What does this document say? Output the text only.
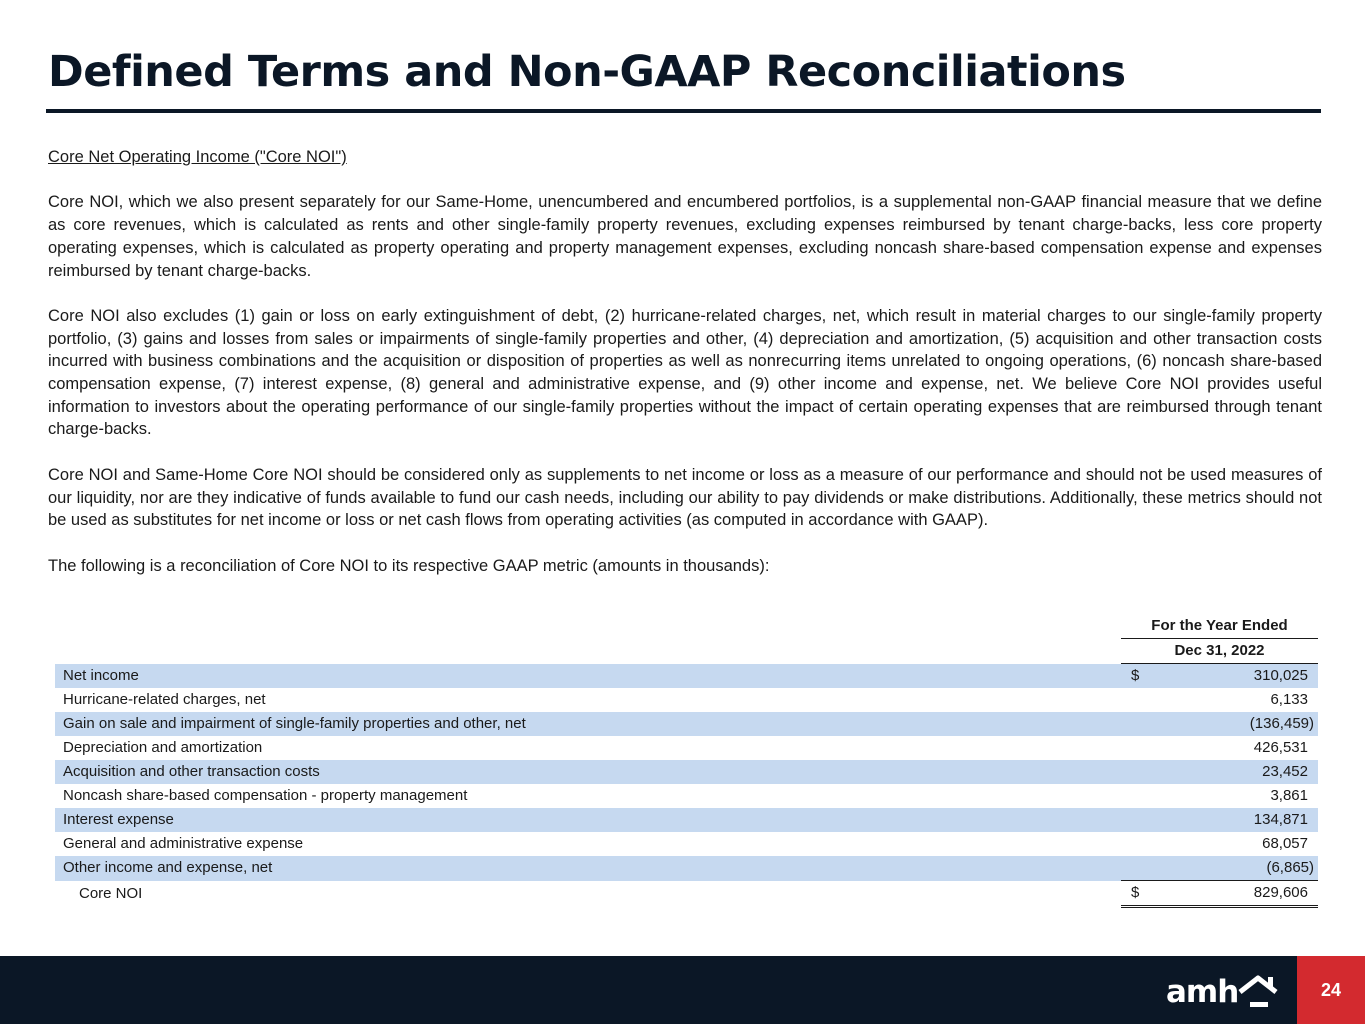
Defined Terms and Non-GAAP Reconciliations

Core Net Operating Income ("Core NOI")

Core NOI, which we also present separately for our Same-Home, unencumbered and encumbered portfolios, is a supplemental non-GAAP financial measure that we define as core revenues, which is calculated as rents and other single-family property revenues, excluding expenses reimbursed by tenant charge-backs, less core property operating expenses, which is calculated as property operating and property management expenses, excluding noncash share-based compensation expense and expenses reimbursed by tenant charge-backs.

Core NOI also excludes (1) gain or loss on early extinguishment of debt, (2) hurricane-related charges, net, which result in material charges to our single-family property portfolio, (3) gains and losses from sales or impairments of single-family properties and other, (4) depreciation and amortization, (5) acquisition and other transaction costs incurred with business combinations and the acquisition or disposition of properties as well as nonrecurring items unrelated to ongoing operations, (6) noncash share-based compensation expense, (7) interest expense, (8) general and administrative expense, and (9) other income and expense, net. We believe Core NOI provides useful information to investors about the operating performance of our single-family properties without the impact of certain operating expenses that are reimbursed through tenant charge-backs.

Core NOI and Same-Home Core NOI should be considered only as supplements to net income or loss as a measure of our performance and should not be used measures of our liquidity, nor are they indicative of funds available to fund our cash needs, including our ability to pay dividends or make distributions. Additionally, these metrics should not be used as substitutes for net income or loss or net cash flows from operating activities (as computed in accordance with GAAP).

The following is a reconciliation of Core NOI to its respective GAAP metric (amounts in thousands):

	For the Year Ended
	Dec 31, 2022
Net income	$ 310,025
Hurricane-related charges, net	6,133
Gain on sale and impairment of single-family properties and other, net	(136,459)
Depreciation and amortization	426,531
Acquisition and other transaction costs	23,452
Noncash share-based compensation - property management	3,861
Interest expense	134,871
General and administrative expense	68,057
Other income and expense, net	(6,865)
Core NOI	$ 829,606
amh	24
